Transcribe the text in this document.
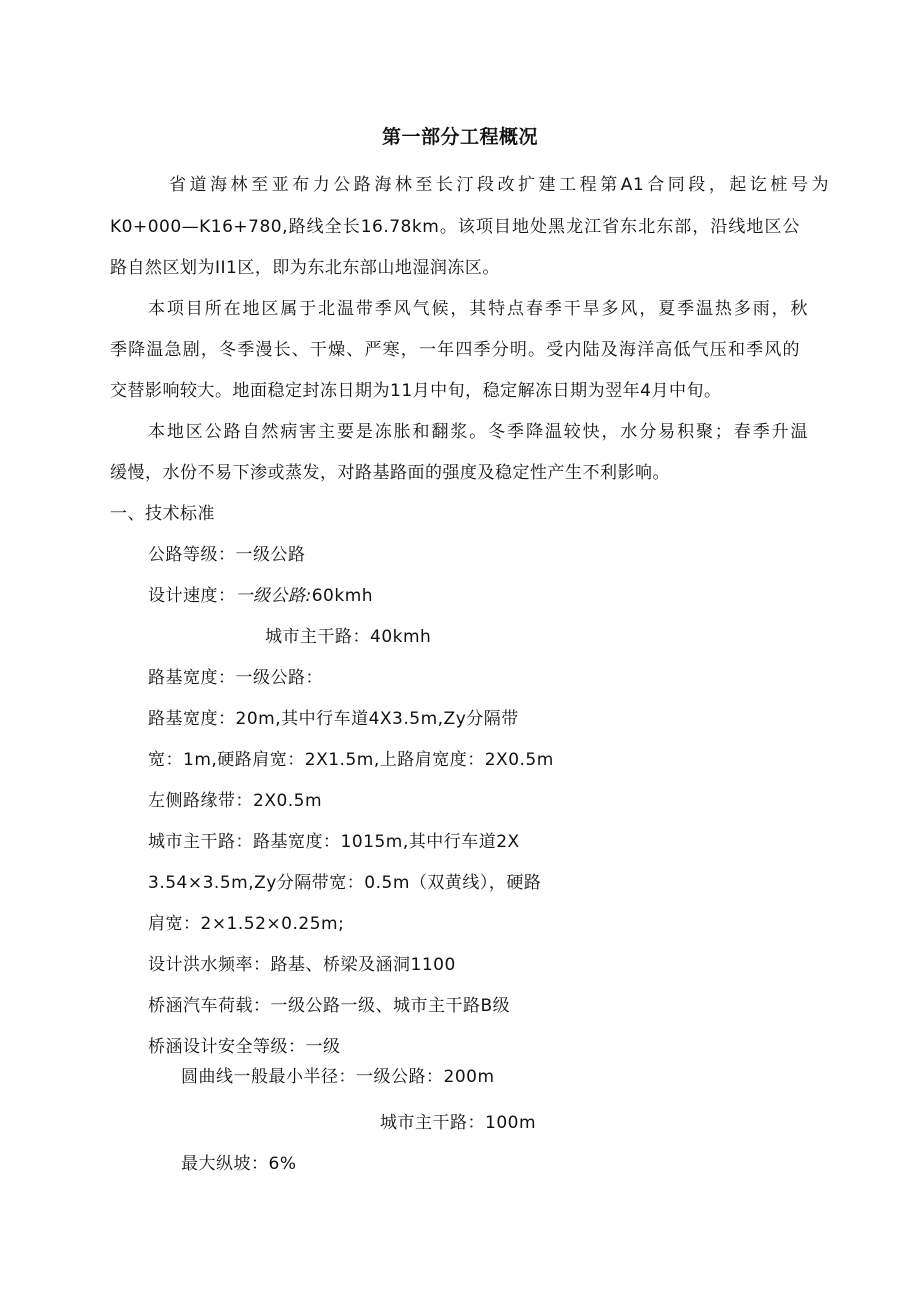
第一部分工程概况
省道海林至亚布力公路海林至长汀段改扩建工程第A1合同段，起讫桩号为
K0+000—K16+780,路线全长16.78km。该项目地处黑龙江省东北东部，沿线地区公
路自然区划为II1区，即为东北东部山地湿润冻区。
本项目所在地区属于北温带季风气候，其特点春季干旱多风，夏季温热多雨，秋
季降温急剧，冬季漫长、干燥、严寒，一年四季分明。受内陆及海洋高低气压和季风的
交替影响较大。地面稳定封冻日期为11月中旬，稳定解冻日期为翌年4月中旬。
本地区公路自然病害主要是冻胀和翻浆。冬季降温较快，水分易积聚；春季升温
缓慢，水份不易下渗或蒸发，对路基路面的强度及稳定性产生不利影响。
一、技术标准
公路等级：一级公路
设计速度：一级公路:60kmh
城市主干路：40kmh
路基宽度：一级公路：
路基宽度：20m,其中行车道4X3.5m,Zy分隔带
宽：1m,硬路肩宽：2X1.5m,上路肩宽度：2X0.5m
左侧路缘带：2X0.5m
城市主干路：路基宽度：1015m,其中行车道2X
3.54×3.5m,Zy分隔带宽：0.5m（双黄线），硬路
肩宽：2×1.52×0.25m;
设计洪水频率：路基、桥梁及涵洞1100
桥涵汽车荷载：一级公路一级、城市主干路B级
桥涵设计安全等级：一级
圆曲线一般最小半径：一级公路：200m
城市主干路：100m
最大纵坡：6%
